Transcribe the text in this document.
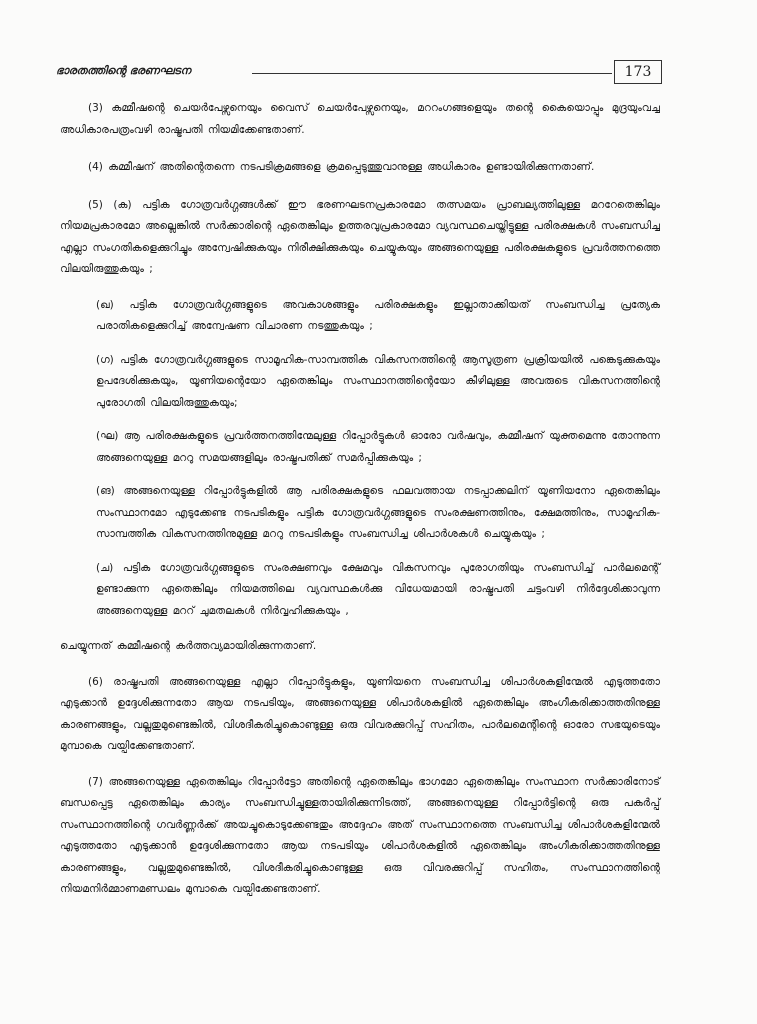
ഭാരതത്തിന്റെ ഭരണഘടന	173

(3) കമ്മീഷന്റെ ചെയർപേഴ്സനെയും വൈസ് ചെയർപേഴ്സനെയും, മററംഗങ്ങളെയും തന്റെ കൈയൊപ്പും മുദ്രയുംവച്ച അധികാരപത്രംവഴി രാഷ്ട്രപതി നിയമിക്കേണ്ടതാണ്.

(4) കമ്മീഷന് അതിന്റെതന്നെ നടപടിക്രമങ്ങളെ ക്രമപ്പെടുത്തുവാനുള്ള അധികാരം ഉണ്ടായിരിക്കുന്നതാണ്.

(5) (ക) പട്ടിക ഗോത്രവർഗ്ഗങ്ങൾക്ക് ഈ ഭരണഘടനപ്രകാരമോ തത്സമയം പ്രാബല്യത്തിലുള്ള മററേതെങ്കിലും നിയമപ്രകാരമോ അല്ലെങ്കിൽ സർക്കാരിന്റെ ഏതെങ്കിലും ഉത്തരവുപ്രകാരമോ വ്യവസ്ഥചെയ്തിട്ടുള്ള പരിരക്ഷകൾ സംബന്ധിച്ച എല്ലാ സംഗതികളെക്കുറിച്ചും അന്വേഷിക്കുകയും നിരീക്ഷിക്കുകയും ചെയ്യുകയും അങ്ങനെയുള്ള പരിരക്ഷകളുടെ പ്രവർത്തനത്തെ വിലയിരുത്തുകയും ;

(ഖ) പട്ടിക ഗോത്രവർഗ്ഗങ്ങളുടെ അവകാശങ്ങളും പരിരക്ഷകളും ഇല്ലാതാക്കിയത് സംബന്ധിച്ച പ്രത്യേക പരാതികളെക്കുറിച്ച് അന്വേഷണ വിചാരണ നടത്തുകയും ;

(ഗ) പട്ടിക ഗോത്രവർഗ്ഗങ്ങളുടെ സാമൂഹിക-സാമ്പത്തിക വികസനത്തിന്റെ ആസൂത്രണ പ്രക്രിയയിൽ പങ്കെടുക്കുകയും ഉപദേശിക്കുകയും, യൂണിയന്റെയോ ഏതെങ്കിലും സംസ്ഥാനത്തിന്റെയോ കീഴിലുള്ള അവരുടെ വികസനത്തിന്റെ പുരോഗതി വിലയിരുത്തുകയും;

(ഘ) ആ പരിരക്ഷകളുടെ പ്രവർത്തനത്തിന്മേലുള്ള റിപ്പോർട്ടുകൾ ഓരോ വർഷവും, കമ്മീഷന് യുക്തമെന്നു തോന്നുന്ന അങ്ങനെയുള്ള മററു സമയങ്ങളിലും രാഷ്ട്രപതിക്ക് സമർപ്പിക്കുകയും ;

(ങ) അങ്ങനെയുള്ള റിപ്പോർട്ടുകളിൽ ആ പരിരക്ഷകളുടെ ഫലവത്തായ നടപ്പാക്കലിന് യൂണിയനോ ഏതെങ്കിലും സംസ്ഥാനമോ എടുക്കേണ്ട നടപടികളും പട്ടിക ഗോത്രവർഗ്ഗങ്ങളുടെ സംരക്ഷണത്തിനും, ക്ഷേമത്തിനും, സാമൂഹിക-സാമ്പത്തിക വികസനത്തിനുമുള്ള മററു നടപടികളും സംബന്ധിച്ച ശിപാർശകൾ ചെയ്യുകയും ;

(ച) പട്ടിക ഗോത്രവർഗ്ഗങ്ങളുടെ സംരക്ഷണവും ക്ഷേമവും വികസനവും പുരോഗതിയും സംബന്ധിച്ച് പാർലമെന്റ് ഉണ്ടാക്കുന്ന ഏതെങ്കിലും നിയമത്തിലെ വ്യവസ്ഥകൾക്കു വിധേയമായി രാഷ്ട്രപതി ചട്ടംവഴി നിർദ്ദേശിക്കാവുന്ന അങ്ങനെയുള്ള മററ് ചുമതലകൾ നിർവ്വഹിക്കുകയും ,

ചെയ്യുന്നത് കമ്മീഷന്റെ കർത്തവ്യമായിരിക്കുന്നതാണ്.

(6) രാഷ്ട്രപതി അങ്ങനെയുള്ള എല്ലാ റിപ്പോർട്ടുകളും, യൂണിയനെ സംബന്ധിച്ച ശിപാർശകളിന്മേൽ എടുത്തതോ എടുക്കാൻ ഉദ്ദേശിക്കുന്നതോ ആയ നടപടിയും, അങ്ങനെയുള്ള ശിപാർശകളിൽ ഏതെങ്കിലും അംഗീകരിക്കാത്തതിനുള്ള കാരണങ്ങളും, വല്ലതുമുണ്ടെങ്കിൽ, വിശദീകരിച്ചുകൊണ്ടുള്ള ഒരു വിവരക്കുറിപ്പ് സഹിതം, പാർലമെന്റിന്റെ ഓരോ സഭയുടെയും മുമ്പാകെ വയ്പിക്കേണ്ടതാണ്.

(7) അങ്ങനെയുള്ള ഏതെങ്കിലും റിപ്പോർട്ടോ അതിന്റെ ഏതെങ്കിലും ഭാഗമോ ഏതെങ്കിലും സംസ്ഥാന സർക്കാരിനോട് ബന്ധപ്പെട്ട ഏതെങ്കിലും കാര്യം സംബന്ധിച്ചുള്ളതായിരിക്കുന്നിടത്ത്, അങ്ങനെയുള്ള റിപ്പോർട്ടിന്റെ ഒരു പകർപ്പ് സംസ്ഥാനത്തിന്റെ ഗവർണ്ണർക്ക് അയച്ചുകൊടുക്കേണ്ടതും അദ്ദേഹം അത് സംസ്ഥാനത്തെ സംബന്ധിച്ച ശിപാർശകളിന്മേൽ എടുത്തതോ എടുക്കാൻ ഉദ്ദേശിക്കുന്നതോ ആയ നടപടിയും ശിപാർശകളിൽ ഏതെങ്കിലും അംഗീകരിക്കാത്തതിനുള്ള കാരണങ്ങളും, വല്ലതുമുണ്ടെങ്കിൽ, വിശദീകരിച്ചുകൊണ്ടുള്ള ഒരു വിവരക്കുറിപ്പ് സഹിതം, സംസ്ഥാനത്തിന്റെ നിയമനിർമ്മാണമണ്ഡലം മുമ്പാകെ വയ്പിക്കേണ്ടതാണ്.
